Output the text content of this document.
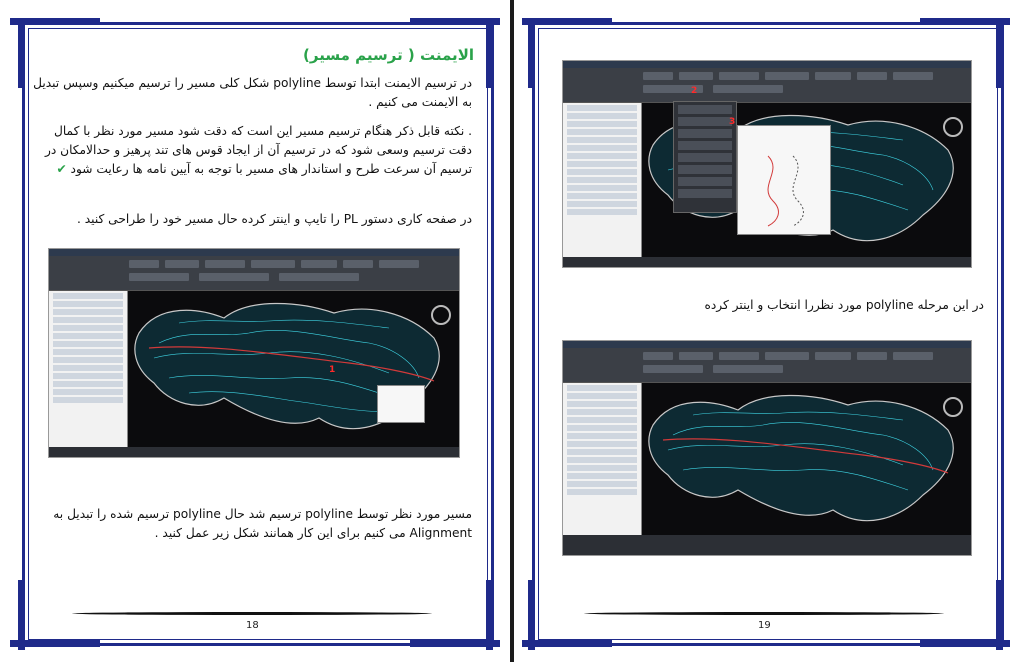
الایمنت ( ترسیم مسیر)
در ترسیم الایمنت ابتدا توسط polyline شکل کلی مسیر را ترسیم میکنیم وسپس تبدیل به الایمنت می کنیم .
. نکته قابل ذکر هنگام ترسیم مسیر این است که دقت شود مسیر مورد نظر با کمال دقت ترسیم وسعی شود که در ترسیم آن از ایجاد قوس های تند پرهیز و حدالامکان در ترسیم آن سرعت طرح و استاندار های مسیر با توجه به آیین نامه ها رعایت شود ✔
در صفحه کاری دستور PL را تایپ و اینتر کرده حال مسیر خود را طراحی کنید .
1
مسیر مورد نظر توسط polyline ترسیم شد حال polyline ترسیم شده را تبدیل به Alignment می کنیم برای این کار همانند شکل زیر عمل کنید .
18
2
3
در این مرحله polyline مورد نظررا انتخاب و اینتر کرده
19
